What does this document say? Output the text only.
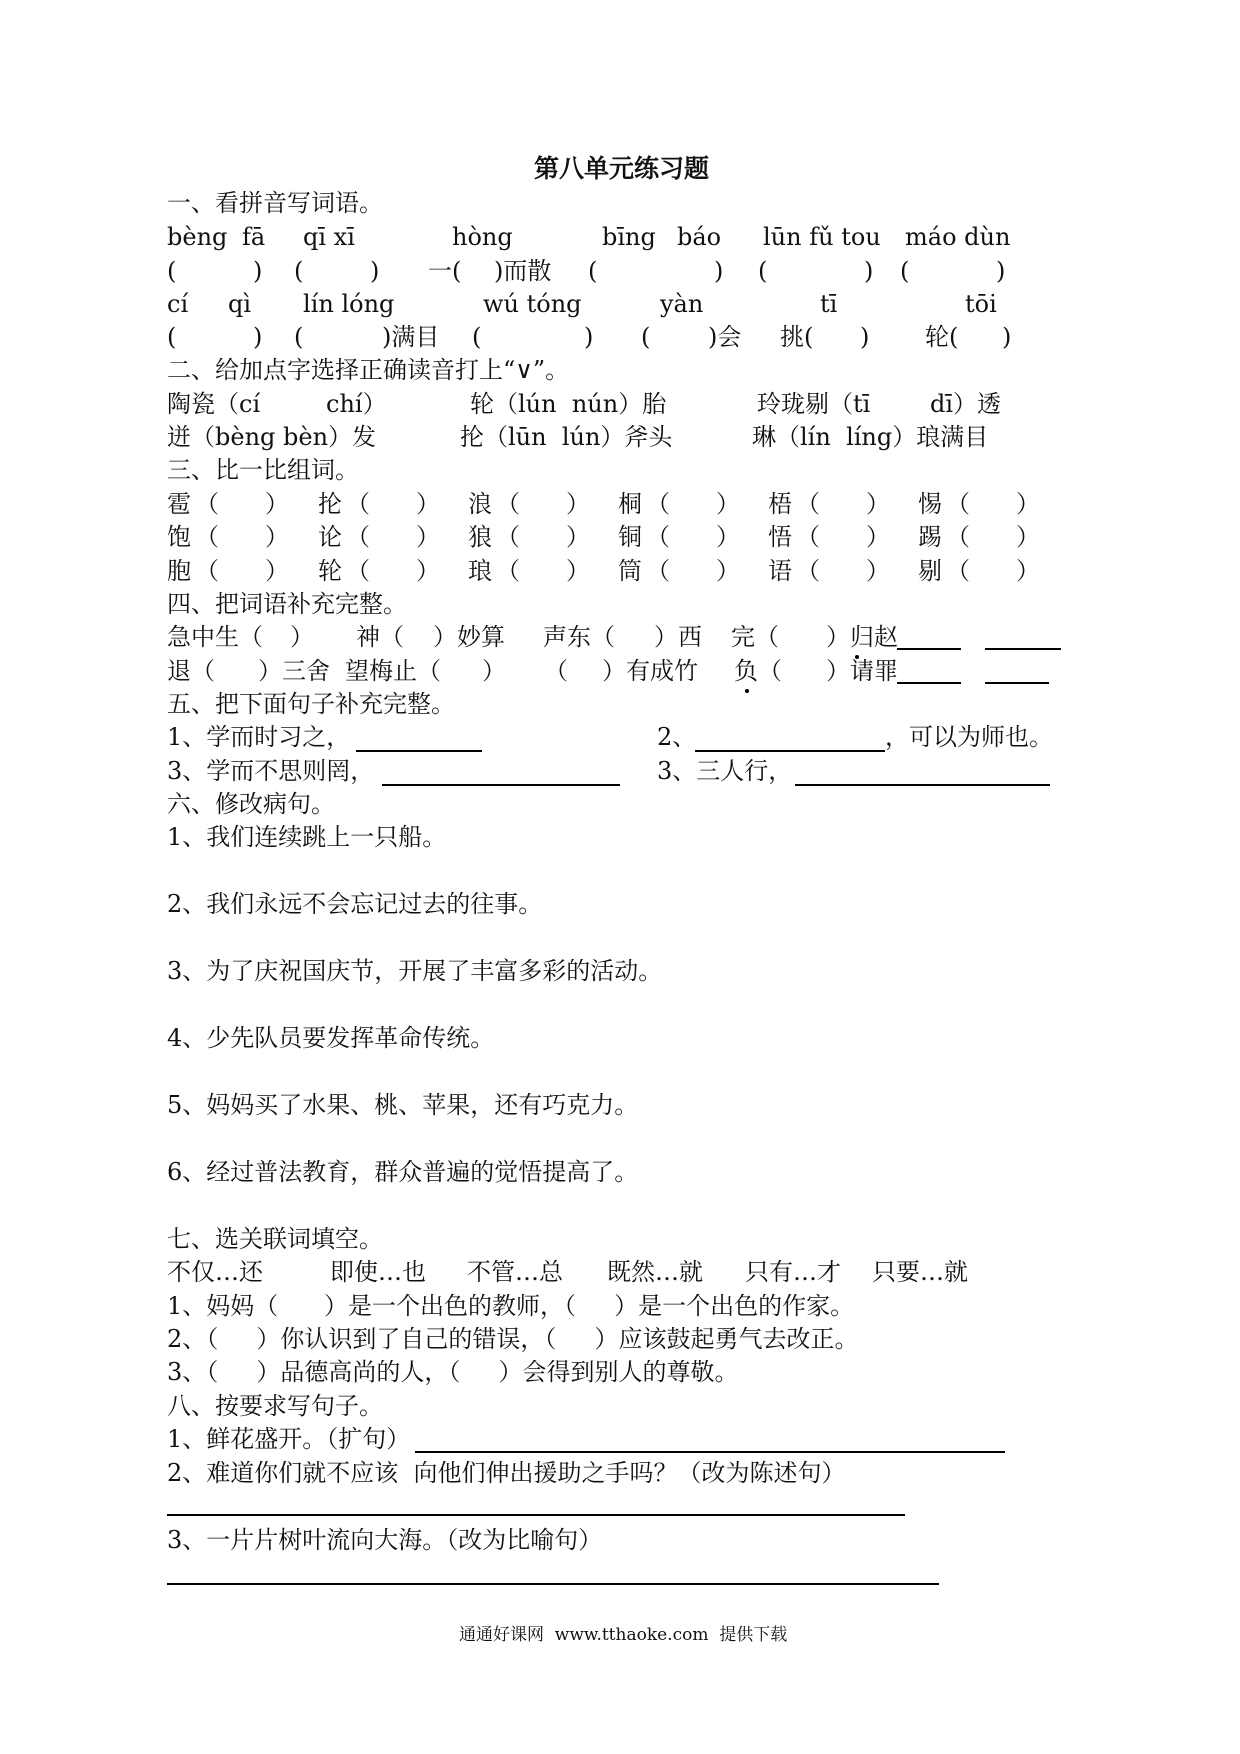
第八单元练习题
一、看拼音写词语。
bèng fā qī xī	hòng	bīng báo lūn fǔ tou máo dùn
(	) (	) 一( )而散 (	) (	) (	)
cí qì lín lóng	wú tóng	yàn	tī	tōi
(	) (	)满目 (	) ( )会 挑( ) 轮( )
二、给加点字选择正确读音打上“∨”。
陶瓷（cí	chí）	轮（lún  nún）胎	玲珑剔（tī dī）透
迸（bèng bèn）发	抡（lūn  lún）斧头	琳（lín  líng）琅满目
三、比一比组词。
雹 （ ） 抡 （ ） 浪 （ ） 桐 （ ） 梧 （ ） 惕 （ ）
饱 （ ） 论 （ ） 狼 （ ） 铜 （ ） 悟 （ ） 踢 （ ）
胞 （ ） 轮 （ ） 琅 （ ） 筒 （ ） 语 （ ） 剔 （ ）
四、把词语补充完整。
急中生（ ） 神（ ）妙算 声东（ ）西 完（ ）归赵
退（ ）三舍 望梅止（ ） （ ）有成竹 负（ ）请罪
五、把下面句子补充完整。
1、学而时习之，	2、	，可以为师也。
3、学而不思则罔，	3、三人行，
六、修改病句。
1、我们连续跳上一只船。
2、我们永远不会忘记过去的往事。
3、为了庆祝国庆节，开展了丰富多彩的活动。
4、少先队员要发挥革命传统。
5、妈妈买了水果、桃、苹果，还有巧克力。
6、经过普法教育，群众普遍的觉悟提高了。
七、选关联词填空。
不仅…还	即使…也 不管…总 既然…就 只有…才 只要…就
1、妈妈（      ）是一个出色的教师，（     ）是一个出色的作家。
2、（     ）你认识到了自己的错误，（     ）应该鼓起勇气去改正。
3、（     ）品德高尚的人，（     ）会得到别人的尊敬。
八、按要求写句子。
1、鲜花盛开。（扩句）
2、难道你们就不应该  向他们伸出援助之手吗？（改为陈述句）
3、一片片树叶流向大海。（改为比喻句）
通通好课网  www.tthaoke.com  提供下载
